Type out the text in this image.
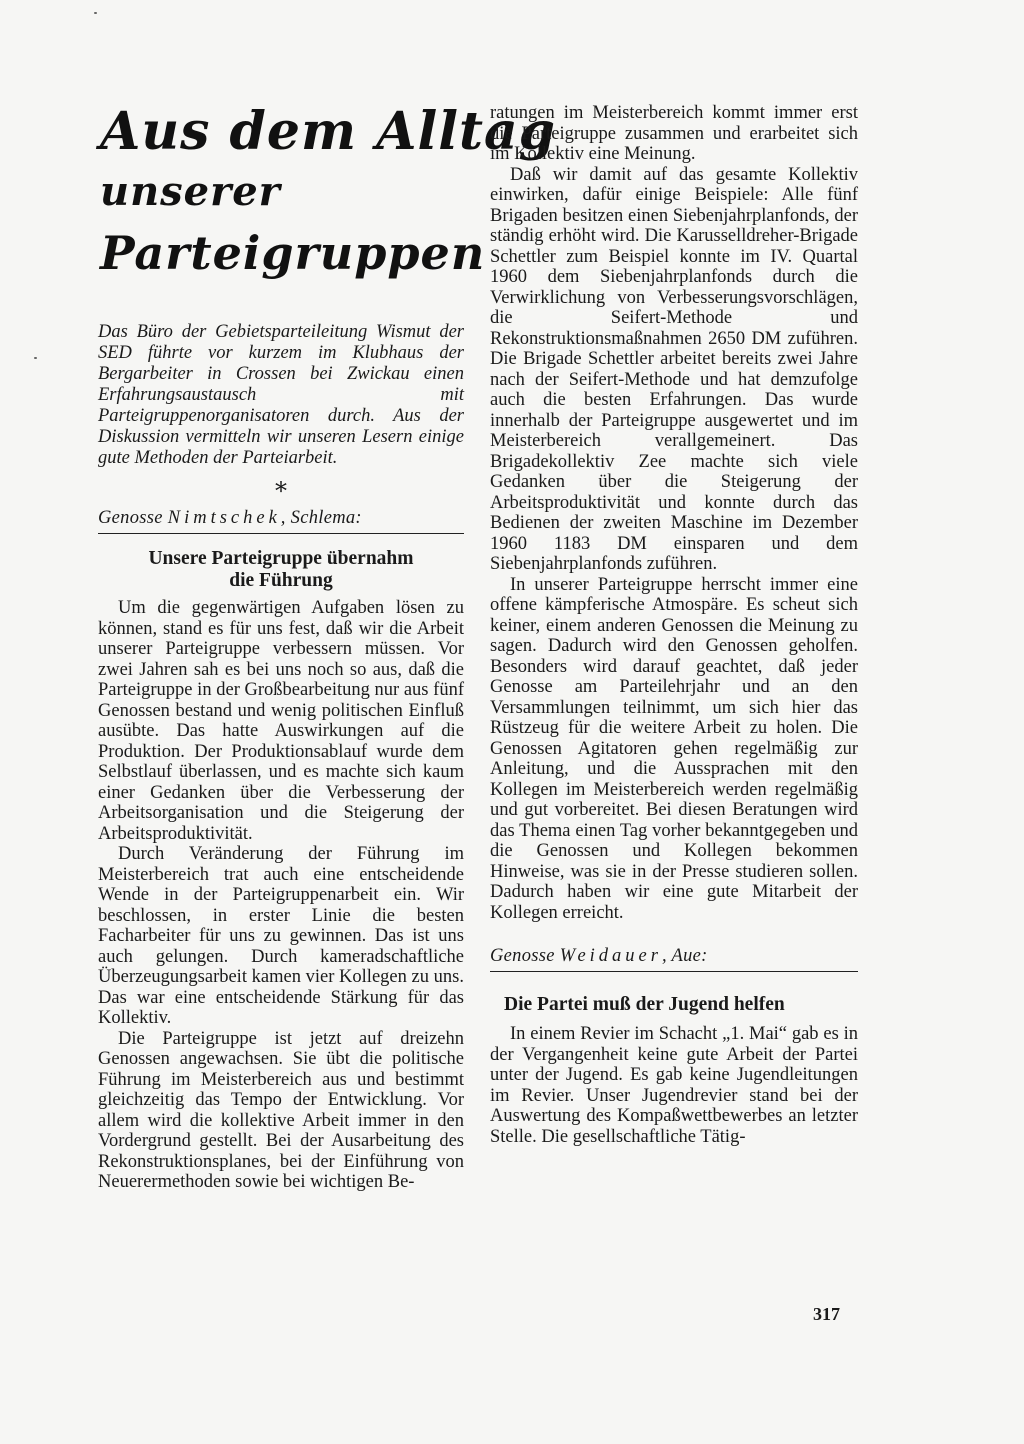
Aus dem Alltag
unserer
Parteigruppen

Das Büro der Gebietsparteileitung Wismut der SED führte vor kurzem im Klubhaus der Bergarbeiter in Crossen bei Zwickau einen Erfahrungsaustausch mit Parteigruppenorganisatoren durch. Aus der Diskussion vermitteln wir unseren Lesern einige gute Methoden der Parteiarbeit.

*
Genosse Nimtschek, Schlema:
Unsere Parteigruppe übernahm
die Führung

Um die gegenwärtigen Aufgaben lösen zu können, stand es für uns fest, daß wir die Arbeit unserer Parteigruppe verbessern müssen. Vor zwei Jahren sah es bei uns noch so aus, daß die Parteigruppe in der Großbearbeitung nur aus fünf Genossen bestand und wenig politischen Einfluß ausübte. Das hatte Auswirkungen auf die Produktion. Der Produktionsablauf wurde dem Selbstlauf überlassen, und es machte sich kaum einer Gedanken über die Verbesserung der Arbeitsorganisation und die Steigerung der Arbeitsproduktivität.

Durch Veränderung der Führung im Meisterbereich trat auch eine entscheidende Wende in der Parteigruppenarbeit ein. Wir beschlossen, in erster Linie die besten Facharbeiter für uns zu gewinnen. Das ist uns auch gelungen. Durch kameradschaftliche Überzeugungsarbeit kamen vier Kollegen zu uns. Das war eine entscheidende Stärkung für das Kollektiv.

Die Parteigruppe ist jetzt auf dreizehn Genossen angewachsen. Sie übt die politische Führung im Meisterbereich aus und bestimmt gleichzeitig das Tempo der Entwicklung. Vor allem wird die kollektive Arbeit immer in den Vordergrund gestellt. Bei der Ausarbeitung des Rekonstruktionsplanes, bei der Einführung von Neuerermethoden sowie bei wichtigen Be-

ratungen im Meisterbereich kommt immer erst die Parteigruppe zusammen und erarbeitet sich im Kollektiv eine Meinung.

Daß wir damit auf das gesamte Kollektiv einwirken, dafür einige Beispiele: Alle fünf Brigaden besitzen einen Siebenjahrplanfonds, der ständig erhöht wird. Die Karusselldreher-Brigade Schettler zum Beispiel konnte im IV. Quartal 1960 dem Siebenjahrplanfonds durch die Verwirklichung von Verbesserungsvorschlägen, die Seifert-Methode und Rekonstruktionsmaßnahmen 2650 DM zuführen. Die Brigade Schettler arbeitet bereits zwei Jahre nach der Seifert-Methode und hat demzufolge auch die besten Erfahrungen. Das wurde innerhalb der Parteigruppe ausgewertet und im Meisterbereich verallgemeinert. Das Brigadekollektiv Zee machte sich viele Gedanken über die Steigerung der Arbeitsproduktivität und konnte durch das Bedienen der zweiten Maschine im Dezember 1960 1183 DM einsparen und dem Siebenjahrplanfonds zuführen.

In unserer Parteigruppe herrscht immer eine offene kämpferische Atmospäre. Es scheut sich keiner, einem anderen Genossen die Meinung zu sagen. Dadurch wird den Genossen geholfen. Besonders wird darauf geachtet, daß jeder Genosse am Parteilehrjahr und an den Versammlungen teilnimmt, um sich hier das Rüstzeug für die weitere Arbeit zu holen. Die Genossen Agitatoren gehen regelmäßig zur Anleitung, und die Aussprachen mit den Kollegen im Meisterbereich werden regelmäßig und gut vorbereitet. Bei diesen Beratungen wird das Thema einen Tag vorher bekanntgegeben und die Genossen und Kollegen bekommen Hinweise, was sie in der Presse studieren sollen. Dadurch haben wir eine gute Mitarbeit der Kollegen erreicht.

Genosse Weidauer, Aue:
Die Partei muß der Jugend helfen

In einem Revier im Schacht „1. Mai“ gab es in der Vergangenheit keine gute Arbeit der Partei unter der Jugend. Es gab keine Jugendleitungen im Revier. Unser Jugendrevier stand bei der Auswertung des Kompaßwettbewerbes an letzter Stelle. Die gesellschaftliche Tätig-

317
